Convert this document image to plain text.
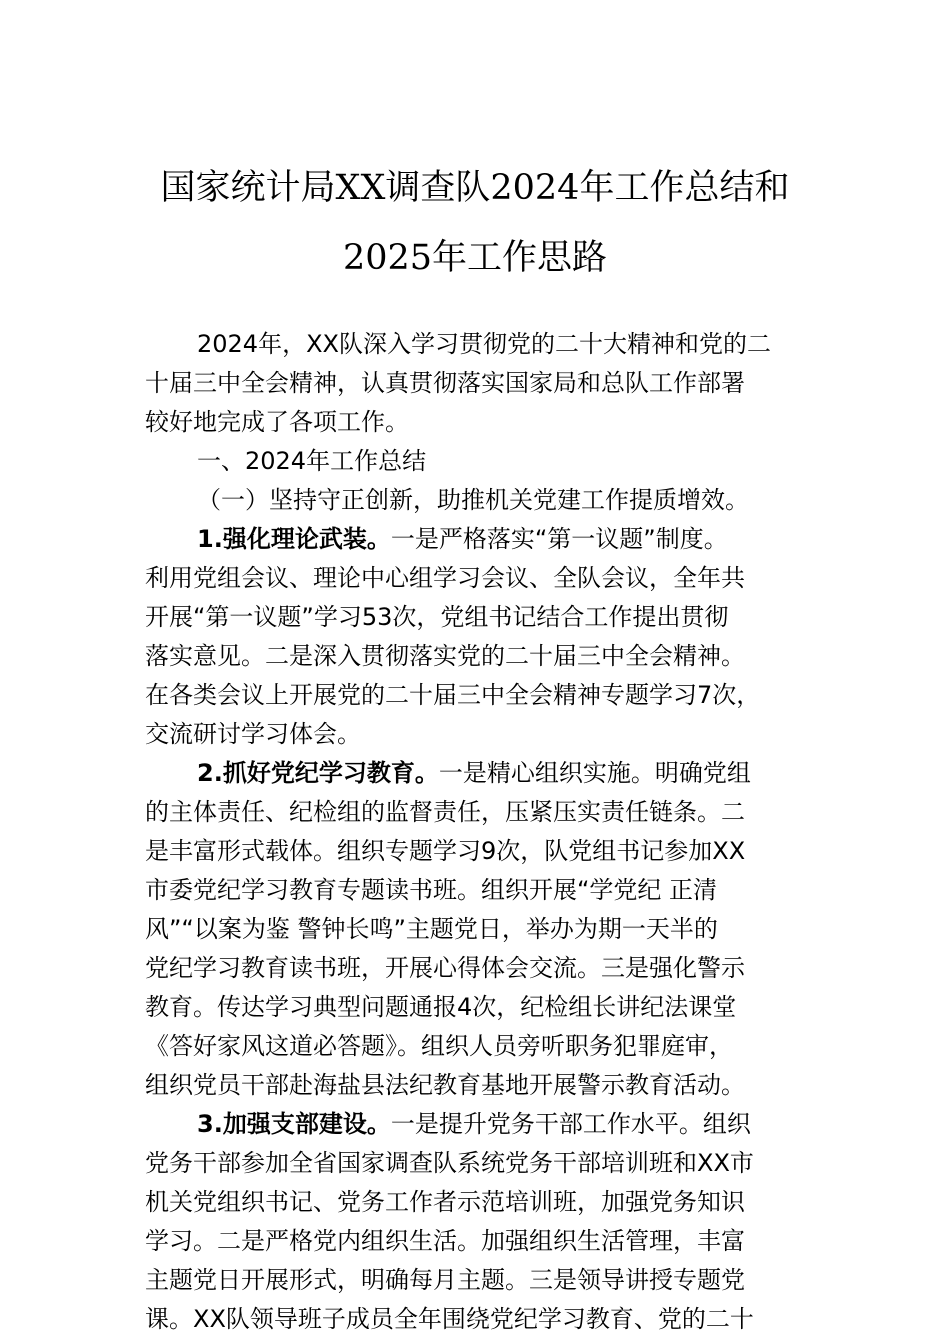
国家统计局XX调查队2024年工作总结和
2025年工作思路
2024年，XX队深入学习贯彻党的二十大精神和党的二
十届三中全会精神，认真贯彻落实国家局和总队工作部署
较好地完成了各项工作。
一、2024年工作总结
（一）坚持守正创新，助推机关党建工作提质增效。
1.强化理论武装。一是严格落实“第一议题”制度。
利用党组会议、理论中心组学习会议、全队会议，全年共
开展“第一议题”学习53次，党组书记结合工作提出贯彻
落实意见。二是深入贯彻落实党的二十届三中全会精神。
在各类会议上开展党的二十届三中全会精神专题学习7次，
交流研讨学习体会。
2.抓好党纪学习教育。一是精心组织实施。明确党组
的主体责任、纪检组的监督责任，压紧压实责任链条。二
是丰富形式载体。组织专题学习9次，队党组书记参加XX
市委党纪学习教育专题读书班。组织开展“学党纪 正清
风”“以案为鉴 警钟长鸣”主题党日，举办为期一天半的
党纪学习教育读书班，开展心得体会交流。三是强化警示
教育。传达学习典型问题通报4次，纪检组长讲纪法课堂
《答好家风这道必答题》。组织人员旁听职务犯罪庭审，
组织党员干部赴海盐县法纪教育基地开展警示教育活动。
3.加强支部建设。一是提升党务干部工作水平。组织
党务干部参加全省国家调查队系统党务干部培训班和XX市
机关党组织书记、党务工作者示范培训班，加强党务知识
学习。二是严格党内组织生活。加强组织生活管理，丰富
主题党日开展形式，明确每月主题。三是领导讲授专题党
课。XX队领导班子成员全年围绕党纪学习教育、党的二十
